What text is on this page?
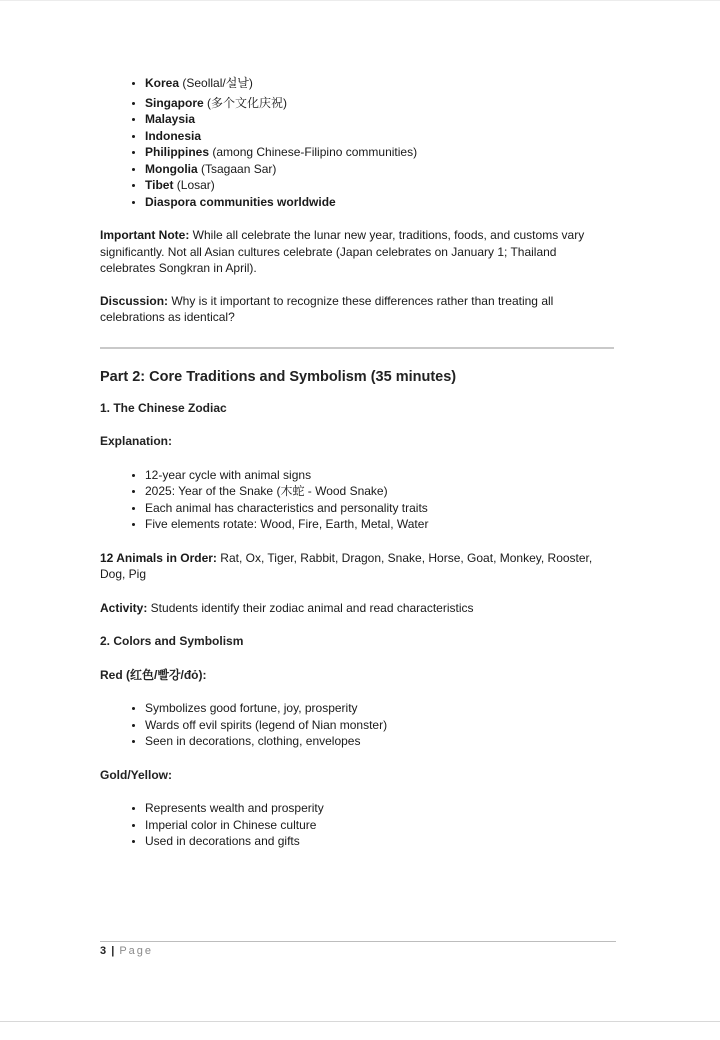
• Korea (Seollal/설날)
• Singapore (多个文化庆祝)
• Malaysia
• Indonesia
• Philippines (among Chinese-Filipino communities)
• Mongolia (Tsagaan Sar)
• Tibet (Losar)
• Diaspora communities worldwide

Important Note: While all celebrate the lunar new year, traditions, foods, and customs vary significantly. Not all Asian cultures celebrate (Japan celebrates on January 1; Thailand celebrates Songkran in April).

Discussion: Why is it important to recognize these differences rather than treating all celebrations as identical?

Part 2: Core Traditions and Symbolism (35 minutes)

1. The Chinese Zodiac

Explanation:

• 12-year cycle with animal signs
• 2025: Year of the Snake (木蛇 - Wood Snake)
• Each animal has characteristics and personality traits
• Five elements rotate: Wood, Fire, Earth, Metal, Water

12 Animals in Order: Rat, Ox, Tiger, Rabbit, Dragon, Snake, Horse, Goat, Monkey, Rooster, Dog, Pig

Activity: Students identify their zodiac animal and read characteristics

2. Colors and Symbolism

Red (红色/빨강/đỏ):

• Symbolizes good fortune, joy, prosperity
• Wards off evil spirits (legend of Nian monster)
• Seen in decorations, clothing, envelopes

Gold/Yellow:

• Represents wealth and prosperity
• Imperial color in Chinese culture
• Used in decorations and gifts
3 | Page
